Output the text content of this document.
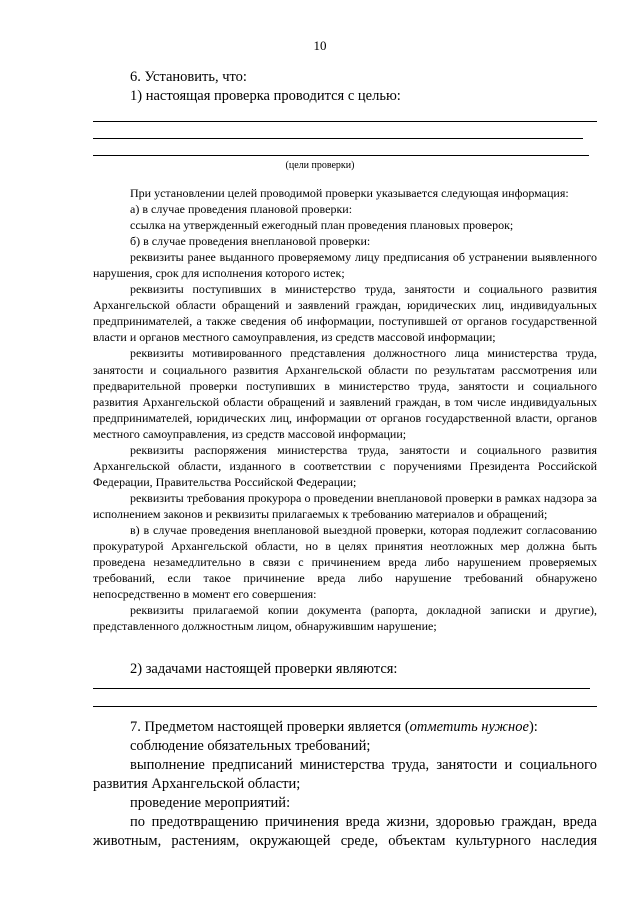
10
6. Установить, что:
1) настоящая проверка проводится с целью:
(цели проверки)

При установлении целей проводимой проверки указывается следующая информация:

а) в случае проведения плановой проверки:

ссылка на утвержденный ежегодный план проведения плановых проверок;

б) в случае проведения внеплановой проверки:

реквизиты ранее выданного проверяемому лицу предписания об устранении выявленного нарушения, срок для исполнения которого истек;

реквизиты поступивших в министерство труда, занятости и социального развития Архангельской области обращений и заявлений граждан, юридических лиц, индивидуальных предпринимателей, а также сведения об информации, поступившей от органов государственной власти и органов местного самоуправления, из средств массовой информации;

реквизиты мотивированного представления должностного лица министерства труда, занятости и социального развития Архангельской области по результатам рассмотрения или предварительной проверки поступивших в министерство труда, занятости и социального развития Архангельской области обращений и заявлений граждан, в том числе индивидуальных предпринимателей, юридических лиц, информации от органов государственной власти, органов местного самоуправления, из средств массовой информации;

реквизиты распоряжения министерства труда, занятости и социального развития Архангельской области, изданного в соответствии с поручениями Президента Российской Федерации, Правительства Российской Федерации;

реквизиты требования прокурора о проведении внеплановой проверки в рамках надзора за исполнением законов и реквизиты прилагаемых к требованию материалов и обращений;

в) в случае проведения внеплановой выездной проверки, которая подлежит согласованию прокуратурой Архангельской области, но в целях принятия неотложных мер должна быть проведена незамедлительно в связи с причинением вреда либо нарушением проверяемых требований, если такое причинение вреда либо нарушение требований обнаружено непосредственно в момент его совершения:

реквизиты прилагаемой копии документа (рапорта, докладной записки и другие), представленного должностным лицом, обнаружившим нарушение;

2) задачами настоящей проверки являются:

7. Предметом настоящей проверки является (отметить нужное):

соблюдение обязательных требований;

выполнение предписаний министерства труда, занятости и социального развития Архангельской области;

проведение мероприятий:

по предотвращению причинения вреда жизни, здоровью граждан, вреда животным, растениям, окружающей среде, объектам культурного наследия
